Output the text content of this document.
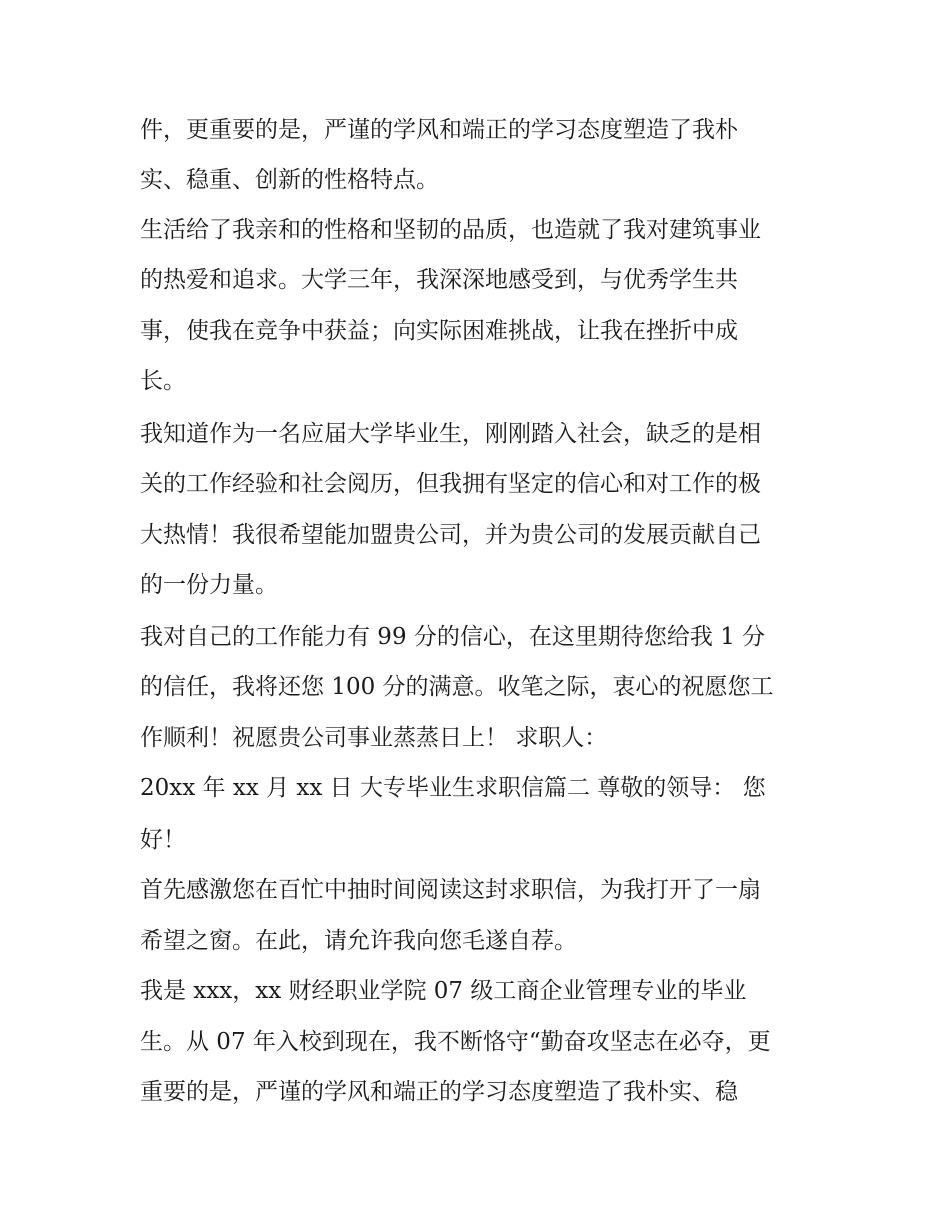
件，更重要的是，严谨的学风和端正的学习态度塑造了我朴
实、稳重、创新的性格特点。
生活给了我亲和的性格和坚韧的品质，也造就了我对建筑事业
的热爱和追求。大学三年，我深深地感受到，与优秀学生共
事，使我在竞争中获益；向实际困难挑战，让我在挫折中成
长。
我知道作为一名应届大学毕业生，刚刚踏入社会，缺乏的是相
关的工作经验和社会阅历，但我拥有坚定的信心和对工作的极
大热情！我很希望能加盟贵公司，并为贵公司的发展贡献自己
的一份力量。
我对自己的工作能力有 99 分的信心，在这里期待您给我 1 分
的信任，我将还您 100 分的满意。收笔之际，衷心的祝愿您工
作顺利！祝愿贵公司事业蒸蒸日上！ 求职人：
20xx 年 xx 月 xx 日 大专毕业生求职信篇二 尊敬的领导： 您
好！
首先感激您在百忙中抽时间阅读这封求职信，为我打开了一扇
希望之窗。在此，请允许我向您毛遂自荐。
我是 xxx，xx 财经职业学院 07 级工商企业管理专业的毕业
生。从 07 年入校到现在，我不断恪守“勤奋攻坚志在必夺，更
重要的是，严谨的学风和端正的学习态度塑造了我朴实、稳
